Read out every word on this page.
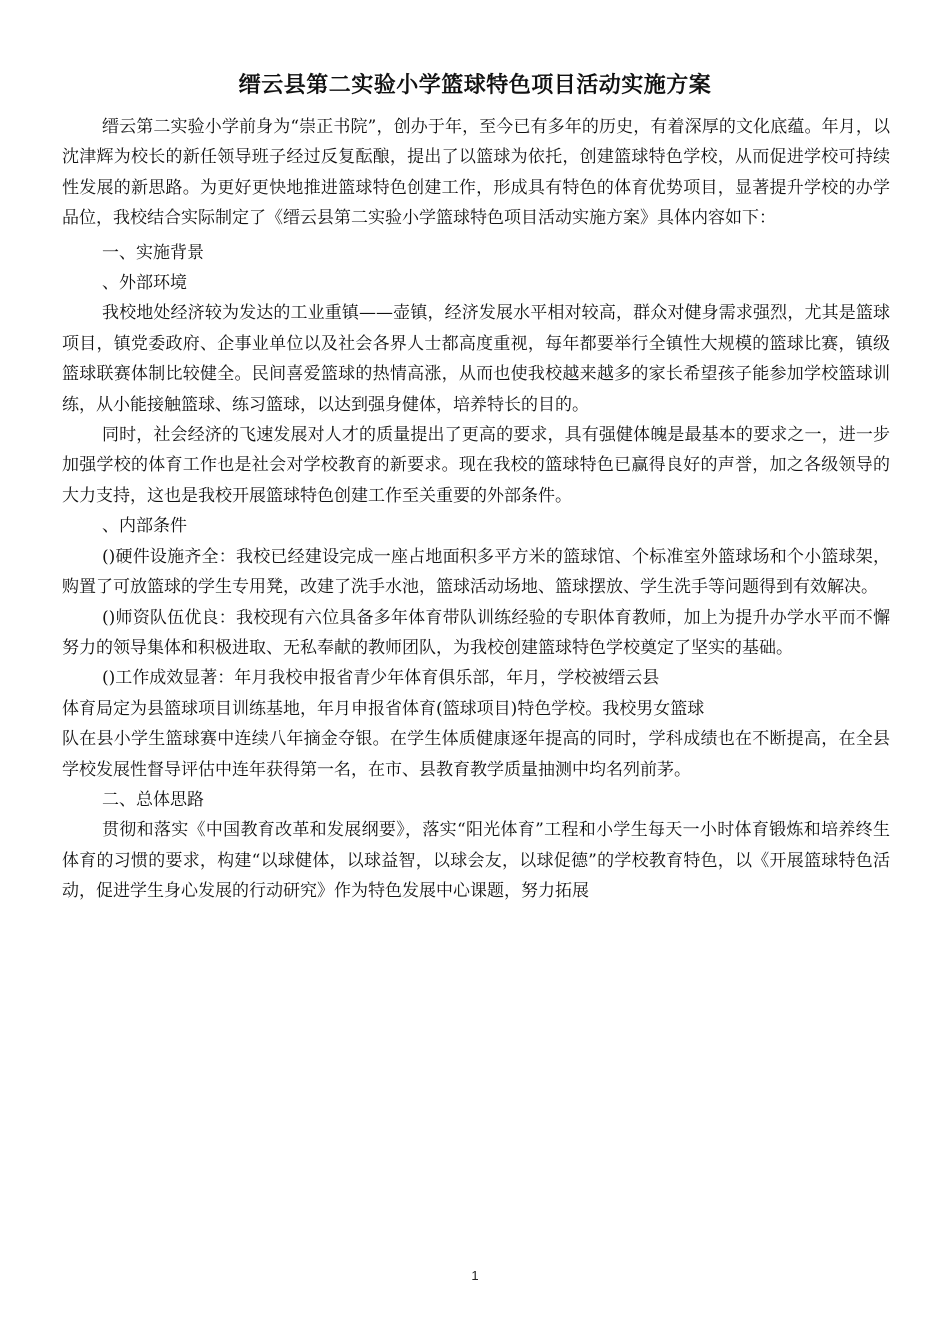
缙云县第二实验小学篮球特色项目活动实施方案

缙云第二实验小学前身为“崇正书院”，创办于年，至今已有多年的历史，有着深厚的文化底蕴。年月，以沈津辉为校长的新任领导班子经过反复酝酿，提出了以篮球为依托，创建篮球特色学校，从而促进学校可持续性发展的新思路。为更好更快地推进篮球特色创建工作，形成具有特色的体育优势项目，显著提升学校的办学品位，我校结合实际制定了《缙云县第二实验小学篮球特色项目活动实施方案》具体内容如下：

一、实施背景

、外部环境

我校地处经济较为发达的工业重镇——壶镇，经济发展水平相对较高，群众对健身需求强烈，尤其是篮球项目，镇党委政府、企事业单位以及社会各界人士都高度重视，每年都要举行全镇性大规模的篮球比赛，镇级篮球联赛体制比较健全。民间喜爱篮球的热情高涨，从而也使我校越来越多的家长希望孩子能参加学校篮球训练，从小能接触篮球、练习篮球，以达到强身健体，培养特长的目的。

同时，社会经济的飞速发展对人才的质量提出了更高的要求，具有强健体魄是最基本的要求之一，进一步加强学校的体育工作也是社会对学校教育的新要求。现在我校的篮球特色已赢得良好的声誉，加之各级领导的大力支持，这也是我校开展篮球特色创建工作至关重要的外部条件。

、内部条件

()硬件设施齐全：我校已经建设完成一座占地面积多平方米的篮球馆、个标准室外篮球场和个小篮球架，购置了可放篮球的学生专用凳，改建了洗手水池，篮球活动场地、篮球摆放、学生洗手等问题得到有效解决。

()师资队伍优良：我校现有六位具备多年体育带队训练经验的专职体育教师，加上为提升办学水平而不懈努力的领导集体和积极进取、无私奉献的教师团队，为我校创建篮球特色学校奠定了坚实的基础。

()工作成效显著：年月我校申报省青少年体育俱乐部，年月，学校被缙云县

体育局定为县篮球项目训练基地，年月申报省体育(篮球项目)特色学校。我校男女篮球

队在县小学生篮球赛中连续八年摘金夺银。在学生体质健康逐年提高的同时，学科成绩也在不断提高，在全县学校发展性督导评估中连年获得第一名，在市、县教育教学质量抽测中均名列前茅。

二、总体思路

贯彻和落实《中国教育改革和发展纲要》，落实“阳光体育”工程和小学生每天一小时体育锻炼和培养终生体育的习惯的要求，构建“以球健体，以球益智，以球会友，以球促德”的学校教育特色，以《开展篮球特色活动，促进学生身心发展的行动研究》作为特色发展中心课题，努力拓展

1
